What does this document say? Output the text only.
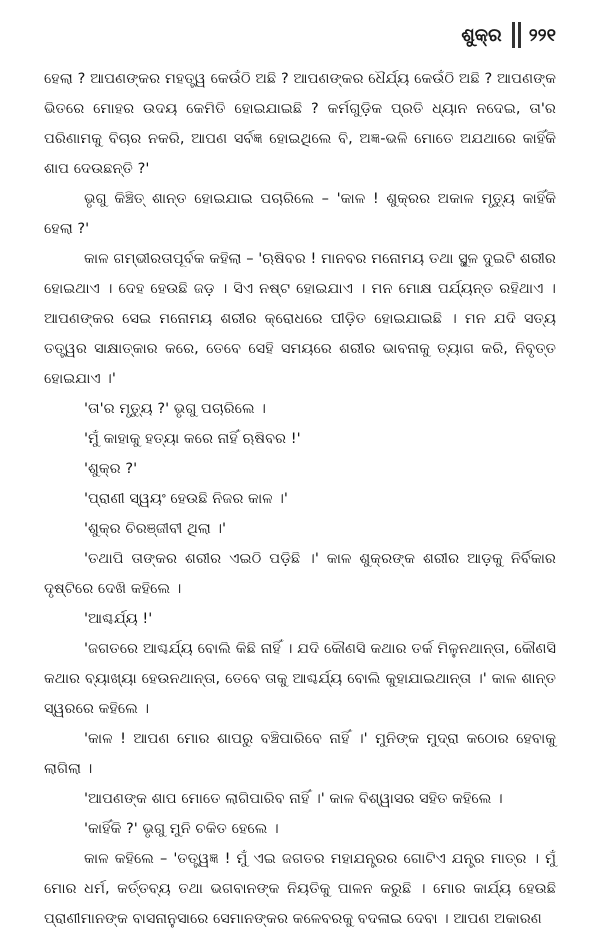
ଶୁକ୍ର ୨୨୧

ହେଲା ? ଆପଣଙ୍କର ମହତ୍ତ୍ୱ କେଉଁଠି ଅଛି ? ଆପଣଙ୍କର ଧୈର୍ଯ୍ୟ କେଉଁଠି ଅଛି ? ଆପଣଙ୍କ ଭିତରେ ମୋହର ଉଦୟ କେମିତି ହୋଇଯାଇଛି ? କର୍ମଗୁଡ଼ିକ ପ୍ରତି ଧ୍ୟାନ ନଦେଇ, ତା'ର ପରିଣାମକୁ ବିଚାର ନକରି, ଆପଣ ସର୍ବଜ୍ଞ ହୋଇଥିଲେ ବି, ଅଜ୍ଞ-ଭଳି ମୋତେ ଅଯଥାରେ କାହିଁକି ଶାପ ଦେଉଛନ୍ତି ?'

ଭୃଗୁ କିଞ୍ଚିତ୍ ଶାନ୍ତ ହୋଇଯାଇ ପଚାରିଲେ – 'କାଳ ! ଶୁକ୍ରର ଅକାଳ ମୃତ୍ୟୁ କାହିଁକି ହେଲା ?'

କାଳ ଗମ୍ଭୀରତାପୂର୍ବକ କହିଲା – 'ଋଷିବର ! ମାନବର ମନୋମୟ ତଥା ସ୍ଥୂଳ ଦୁଇଟି ଶରୀର ହୋଇଥାଏ । ଦେହ ହେଉଛି ଜଡ଼ । ସିଏ ନଷ୍ଟ ହୋଇଯାଏ । ମନ ମୋକ୍ଷ ପର୍ଯ୍ୟନ୍ତ ରହିଥାଏ । ଆପଣଙ୍କର ସେଇ ମନୋମୟ ଶରୀର କ୍ରୋଧରେ ପୀଡ଼ିତ ହୋଇଯାଇଛି । ମନ ଯଦି ସତ୍ୟ ତତ୍ତ୍ୱର ସାକ୍ଷାତ୍କାର କରେ, ତେବେ ସେହି ସମୟରେ ଶରୀର ଭାବନାକୁ ତ୍ୟାଗ କରି, ନିବୃତ୍ତ ହୋଇଯାଏ ।'

'ତା'ର ମୃତ୍ୟୁ ?' ଭୃଗୁ ପଚାରିଲେ ।

'ମୁଁ କାହାକୁ ହତ୍ୟା କରେ ନାହିଁ ଋଷିବର !'

'ଶୁକ୍ର ?'

'ପ୍ରାଣୀ ସ୍ୱୟଂ ହେଉଛି ନିଜର କାଳ ।'

'ଶୁକ୍ର ଚିରଞ୍ଜୀବୀ ଥିଲା ।'

'ତଥାପି ତାଙ୍କର ଶରୀର ଏଇଠି ପଡ଼ିଛି ।' କାଳ ଶୁକ୍ରଙ୍କ ଶରୀର ଆଡ଼କୁ ନିର୍ବିକାର ଦୃଷ୍ଟିରେ ଦେଖି କହିଲେ ।

'ଆଶ୍ଚର୍ଯ୍ୟ !'

'ଜଗତରେ ଆଶ୍ଚର୍ଯ୍ୟ ବୋଲି କିଛି ନାହିଁ । ଯଦି କୌଣସି କଥାର ତର୍କ ମିଳୁନଥାନ୍ତା, କୌଣସି କଥାର ବ୍ୟାଖ୍ୟା ହେଉନଥାନ୍ତା, ତେବେ ତାକୁ ଆଶ୍ଚର୍ଯ୍ୟ ବୋଲି କୁହାଯାଇଥାନ୍ତା ।' କାଳ ଶାନ୍ତ ସ୍ୱରରେ କହିଲେ ।

'କାଳ ! ଆପଣ ମୋର ଶାପରୁ ବଞ୍ଚିପାରିବେ ନାହିଁ ।' ମୁନିଙ୍କ ମୁଦ୍ରା କଠୋର ହେବାକୁ ଲାଗିଲା ।

'ଆପଣଙ୍କ ଶାପ ମୋତେ ଲାଗିପାରିବ ନାହିଁ ।' କାଳ ବିଶ୍ୱାସର ସହିତ କହିଲେ ।

'କାହିଁକି ?' ଭୃଗୁ ମୁନି ଚକିତ ହେଲେ ।

କାଳ କହିଲେ – 'ତତ୍ତ୍ୱଜ୍ଞ ! ମୁଁ ଏଇ ଜଗତର ମହାଯନ୍ତ୍ରର ଗୋଟିଏ ଯନ୍ତ୍ର ମାତ୍ର । ମୁଁ ମୋର ଧର୍ମ, କର୍ତ୍ତବ୍ୟ ତଥା ଭଗବାନଙ୍କ ନିୟତିକୁ ପାଳନ କରୁଛି । ମୋର କାର୍ଯ୍ୟ ହେଉଛି ପ୍ରାଣୀମାନଙ୍କ ବାସନାନୁସାରେ ସେମାନଙ୍କର କଳେବରକୁ ବଦଳାଇ ଦେବା । ଆପଣ ଅକାରଣ
